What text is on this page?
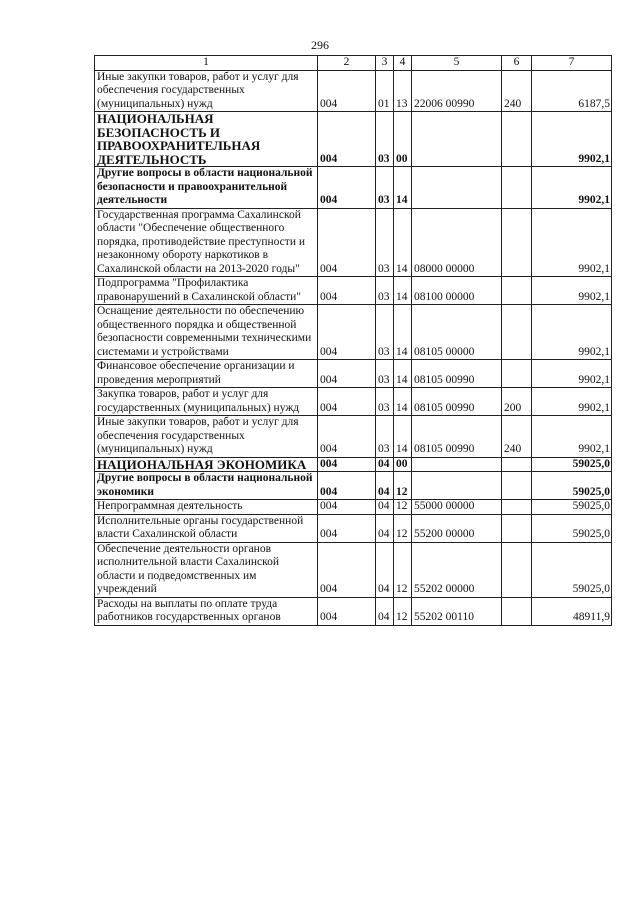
296
1	2	3	4	5	6	7
Иные закупки товаров, работ и услуг для обеспечения государственных (муниципальных) нужд	004	01	13	22006 00990	240	6187,5
НАЦИОНАЛЬНАЯ БЕЗОПАСНОСТЬ И ПРАВООХРАНИТЕЛЬНАЯ ДЕЯТЕЛЬНОСТЬ	004	03	00			9902,1
Другие вопросы в области национальной безопасности и правоохранительной деятельности	004	03	14			9902,1
Государственная программа Сахалинской области "Обеспечение общественного порядка, противодействие преступности и незаконному обороту наркотиков в Сахалинской области на 2013-2020 годы"	004	03	14	08000 00000		9902,1
Подпрограмма "Профилактика правонарушений в Сахалинской области"	004	03	14	08100 00000		9902,1
Оснащение деятельности по обеспечению общественного порядка и общественной безопасности современными техническими системами и устройствами	004	03	14	08105 00000		9902,1
Финансовое обеспечение организации и проведения мероприятий	004	03	14	08105 00990		9902,1
Закупка товаров, работ и услуг для государственных (муниципальных) нужд	004	03	14	08105 00990	200	9902,1
Иные закупки товаров, работ и услуг для обеспечения государственных (муниципальных) нужд	004	03	14	08105 00990	240	9902,1
НАЦИОНАЛЬНАЯ ЭКОНОМИКА	004	04	00			59025,0
Другие вопросы в области национальной экономики	004	04	12			59025,0
Непрограммная деятельность	004	04	12	55000 00000		59025,0
Исполнительные органы государственной власти Сахалинской области	004	04	12	55200 00000		59025,0
Обеспечение деятельности органов исполнительной власти Сахалинской области и подведомственных им учреждений	004	04	12	55202 00000		59025,0
Расходы на выплаты по оплате труда работников государственных органов	004	04	12	55202 00110		48911,9
